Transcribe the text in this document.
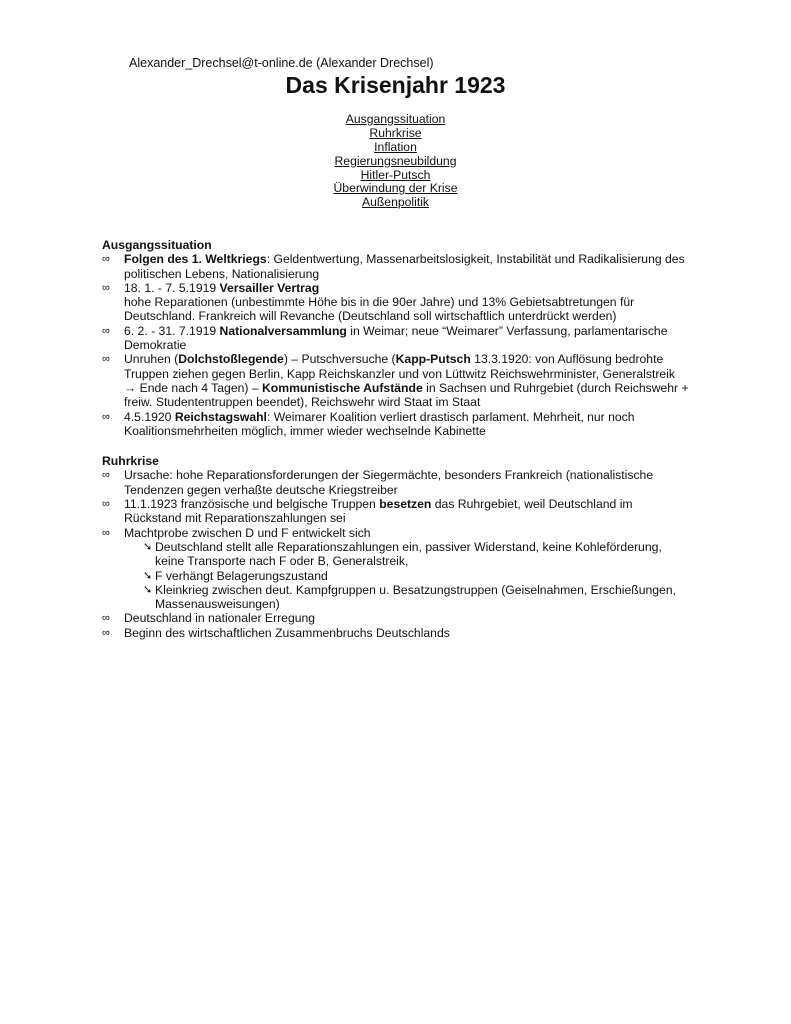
Alexander_Drechsel@t-online.de (Alexander Drechsel)
Das Krisenjahr 1923
Ausgangssituation
Ruhrkrise
Inflation
Regierungsneubildung
Hitler-Putsch
Überwindung der Krise
Außenpolitik
Ausgangssituation
∞	Folgen des 1. Weltkriegs: Geldentwertung, Massenarbeitslosigkeit, Instabilität und Radikalisierung des politischen Lebens, Nationalisierung
∞	18. 1. - 7. 5.1919 Versailler Vertrag
hohe Reparationen (unbestimmte Höhe bis in die 90er Jahre) und 13% Gebietsabtretungen für Deutschland. Frankreich will Revanche (Deutschland soll wirtschaftlich unterdrückt werden)
∞	6. 2. - 31. 7.1919 Nationalversammlung in Weimar; neue “Weimarer” Verfassung, parlamentarische Demokratie
∞	Unruhen (Dolchstoßlegende) – Putschversuche (Kapp-Putsch 13.3.1920: von Auflösung bedrohte Truppen ziehen gegen Berlin, Kapp Reichskanzler und von Lüttwitz Reichswehrminister, Generalstreik
→ Ende nach 4 Tagen) – Kommunistische Aufstände in Sachsen und Ruhrgebiet (durch Reichswehr + freiw. Studententruppen beendet), Reichswehr wird Staat im Staat
∞	4.5.1920 Reichstagswahl: Weimarer Koalition verliert drastisch parlament. Mehrheit, nur noch Koalitionsmehrheiten möglich, immer wieder wechselnde Kabinette
Ruhrkrise
∞	Ursache: hohe Reparationsforderungen der Siegermächte, besonders Frankreich (nationalistische Tendenzen gegen verhaßte deutsche Kriegstreiber
∞	11.1.1923 französische und belgische Truppen besetzen das Ruhrgebiet, weil Deutschland im Rückstand mit Reparationszahlungen sei
∞	Machtprobe zwischen D und F entwickelt sich
➘ Deutschland stellt alle Reparationszahlungen ein, passiver Widerstand, keine Kohleförderung, keine Transporte nach F oder B, Generalstreik,
➘ F verhängt Belagerungszustand
➘ Kleinkrieg zwischen deut. Kampfgruppen u. Besatzungstruppen (Geiselnahmen, Erschießungen, Massenausweisungen)
∞	Deutschland in nationaler Erregung
∞	Beginn des wirtschaftlichen Zusammenbruchs Deutschlands
